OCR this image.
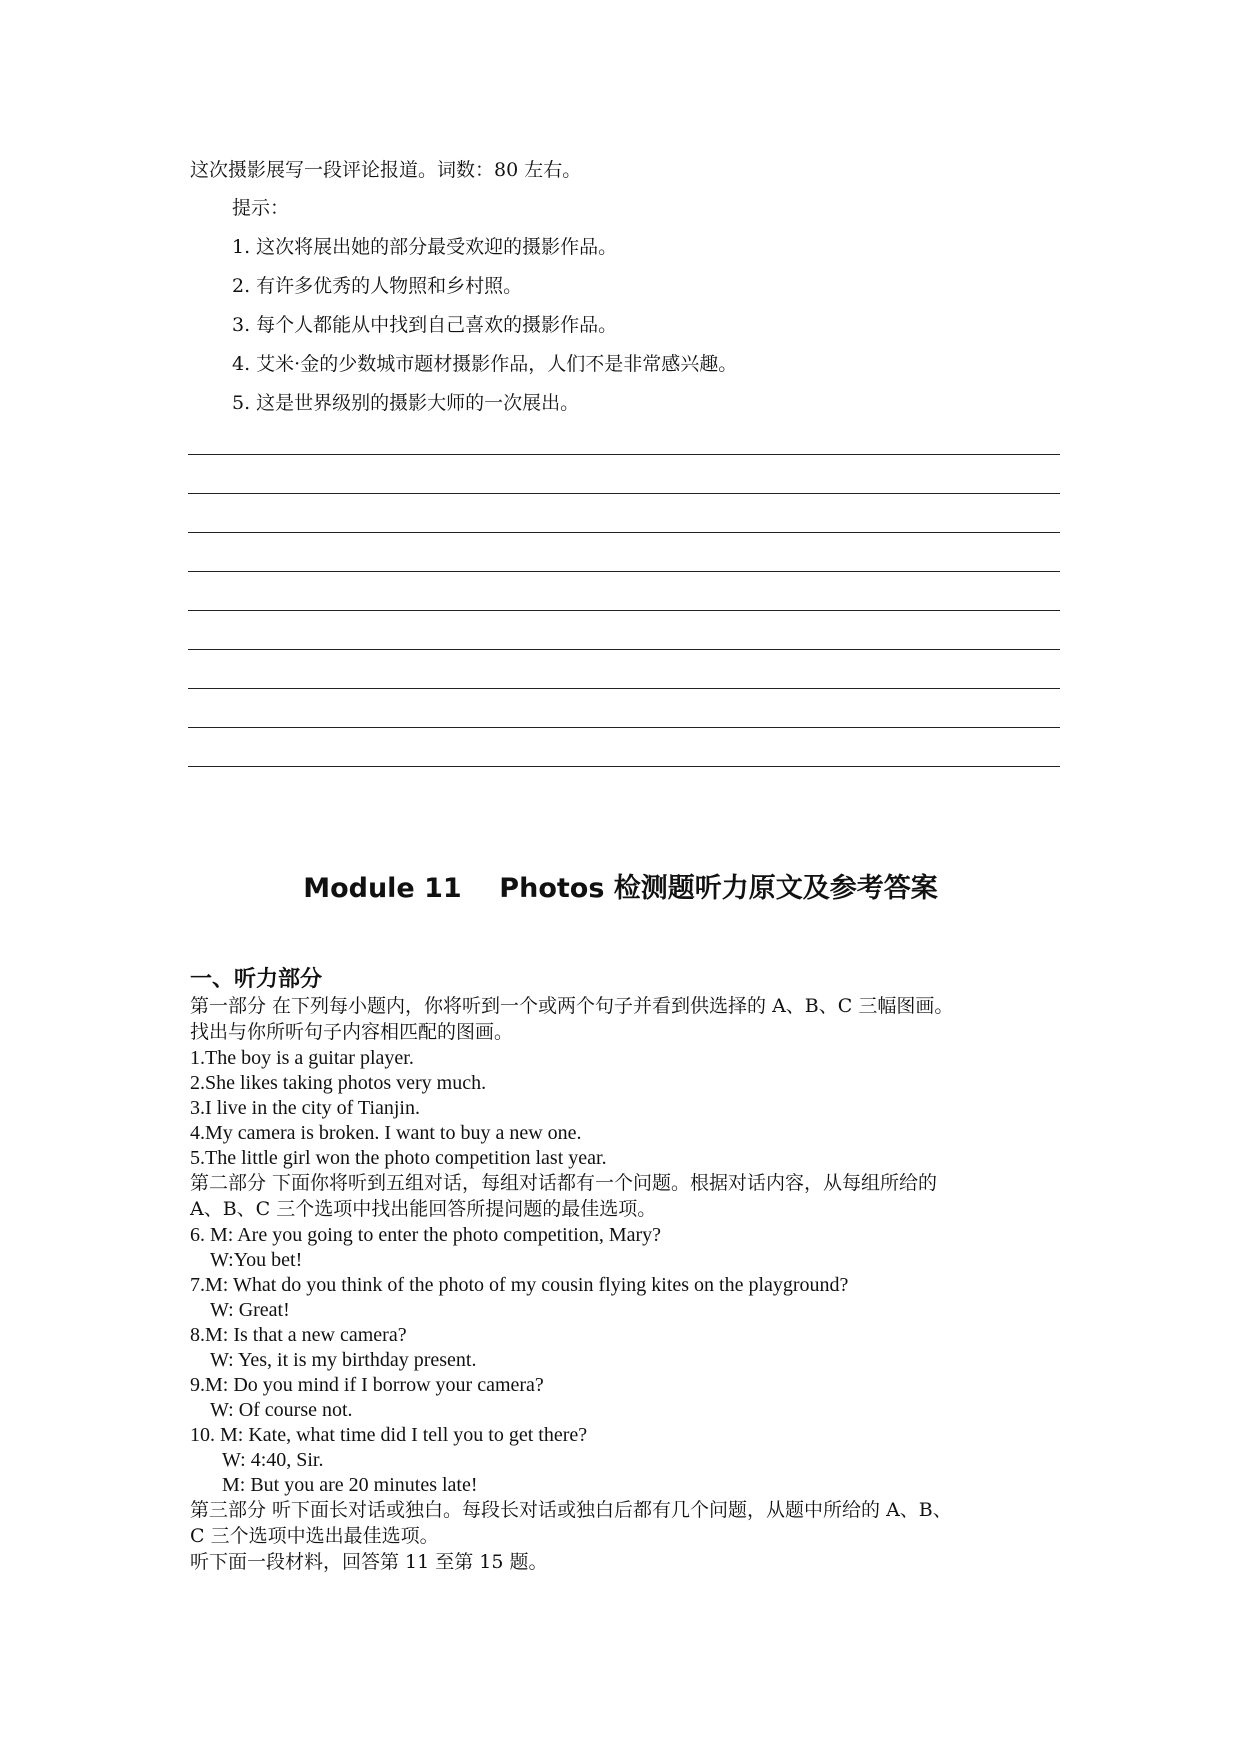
这次摄影展写一段评论报道。词数：80 左右。
提示：
1. 这次将展出她的部分最受欢迎的摄影作品。
2. 有许多优秀的人物照和乡村照。
3. 每个人都能从中找到自己喜欢的摄影作品。
4. 艾米·金的少数城市题材摄影作品，人们不是非常感兴趣。
5. 这是世界级别的摄影大师的一次展出。
Module 11    Photos 检测题听力原文及参考答案
一、听力部分
第一部分 在下列每小题内，你将听到一个或两个句子并看到供选择的 A、B、C 三幅图画。
找出与你所听句子内容相匹配的图画。
1.The boy is a guitar player.
2.She likes taking photos very much.
3.I live in the city of Tianjin.
4.My camera is broken. I want to buy a new one.
5.The little girl won the photo competition last year.
第二部分 下面你将听到五组对话，每组对话都有一个问题。根据对话内容，从每组所给的
A、B、C 三个选项中找出能回答所提问题的最佳选项。
6. M: Are you going to enter the photo competition, Mary?
W:You bet!
7.M: What do you think of the photo of my cousin flying kites on the playground?
W: Great!
8.M: Is that a new camera?
W: Yes, it is my birthday present.
9.M: Do you mind if I borrow your camera?
W: Of course not.
10. M: Kate, what time did I tell you to get there?
W: 4:40, Sir.
M: But you are 20 minutes late!
第三部分 听下面长对话或独白。每段长对话或独白后都有几个问题，从题中所给的 A、B、
C 三个选项中选出最佳选项。
听下面一段材料，回答第 11 至第 15 题。
